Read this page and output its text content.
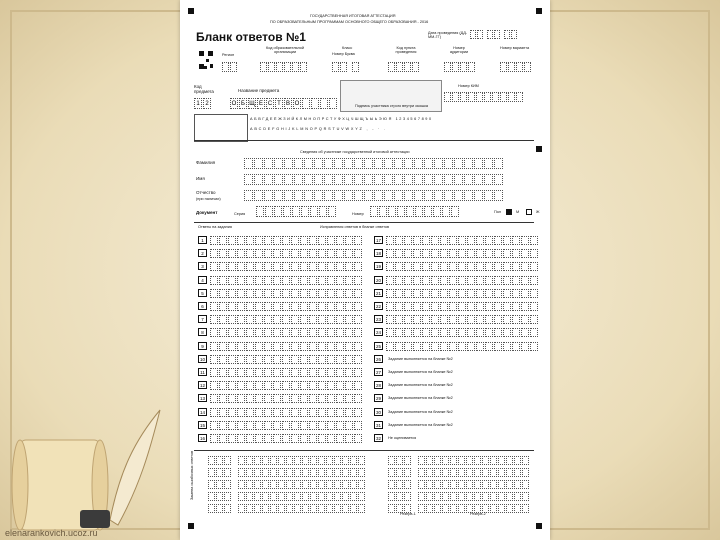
elenarankovich.ucoz.ru
ГОСУДАРСТВЕННАЯ ИТОГОВАЯ АТТЕСТАЦИЯ
ПО ОБРАЗОВАТЕЛЬНЫМ ПРОГРАММАМ ОСНОВНОГО ОБЩЕГО ОБРАЗОВАНИЯ - 2016
Бланк ответов №1	Дата проведения (ДД-ММ-ГГ)
Регион
Код образовательной организации
Класс
Номер Буква
Код пункта проведения
Номер аудитории
Номер варианта
Код предмета	Название предмета
Номер КИМ
Подпись участника строго внутри окошка
АБВГДЕЁЖЗИЙКЛМНОПРСТУФХЦЧШЩЪЫЬЭЮЯ 1234567890
ABCDEFGHIJKLMNOPQRSTUVWXYZ , - · .
Сведения об участнике государственной итоговой аттестации
Фамилия
Имя
Отчество
(при наличии)
Документ	Серия	Номер	Пол	М	Ж
Ответы на задания	Исправления ответов в бланке ответов
1	17
2	18
3	19
4	20
5	21
6	22
7	23
8	24
9	25
10	26	Задание выполняется на бланке №2
11	27	Задание выполняется на бланке №2
12	28	Задание выполняется на бланке №2
13	29	Задание выполняется на бланке №2
14	30	Задание выполняется на бланке №2
15	31	Задание выполняется на бланке №2
16	32	Не оценивается
Замена ошибочных ответов
Резерв-1	Резерв-2
1 2	О Б Щ Е С Т В О
